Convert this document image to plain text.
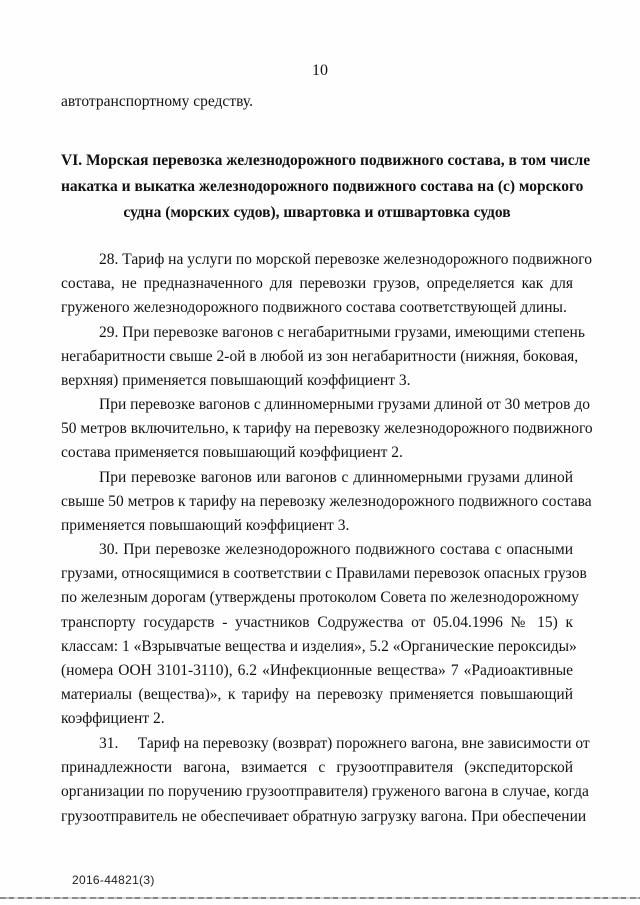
10
автотранспортному средству.
VI. Морская перевозка железнодорожного подвижного состава, в том числе
накатка и выкатка железнодорожного подвижного состава на (с) морского
судна (морских судов), швартовка и отшвартовка судов
28. Тариф на услуги по морской перевозке железнодорожного подвижного
состава, не предназначенного для перевозки грузов, определяется как для
груженого железнодорожного подвижного состава соответствующей длины.
29. При перевозке вагонов с негабаритными грузами, имеющими степень
негабаритности свыше 2-ой в любой из зон негабаритности (нижняя, боковая,
верхняя) применяется повышающий коэффициент 3.
При перевозке вагонов с длинномерными грузами длиной от 30 метров до
50 метров включительно, к тарифу на перевозку железнодорожного подвижного
состава применяется повышающий коэффициент 2.
При перевозке вагонов или вагонов с длинномерными грузами длиной
свыше 50 метров к тарифу на перевозку железнодорожного подвижного состава
применяется повышающий коэффициент 3.
30. При перевозке железнодорожного подвижного состава с опасными
грузами, относящимися в соответствии с Правилами перевозок опасных грузов
по железным дорогам (утверждены протоколом Совета по железнодорожному
транспорту государств - участников Содружества от 05.04.1996 № 15) к
классам: 1 «Взрывчатые вещества и изделия», 5.2 «Органические пероксиды»
(номера ООН 3101-3110), 6.2 «Инфекционные вещества» 7 «Радиоактивные
материалы (вещества)», к тарифу на перевозку применяется повышающий
коэффициент 2.
31.     Тариф на перевозку (возврат) порожнего вагона, вне зависимости от
принадлежности вагона, взимается с грузоотправителя (экспедиторской
организации по поручению грузоотправителя) груженого вагона в случае, когда
грузоотправитель не обеспечивает обратную загрузку вагона. При обеспечении
2016-44821(3)
